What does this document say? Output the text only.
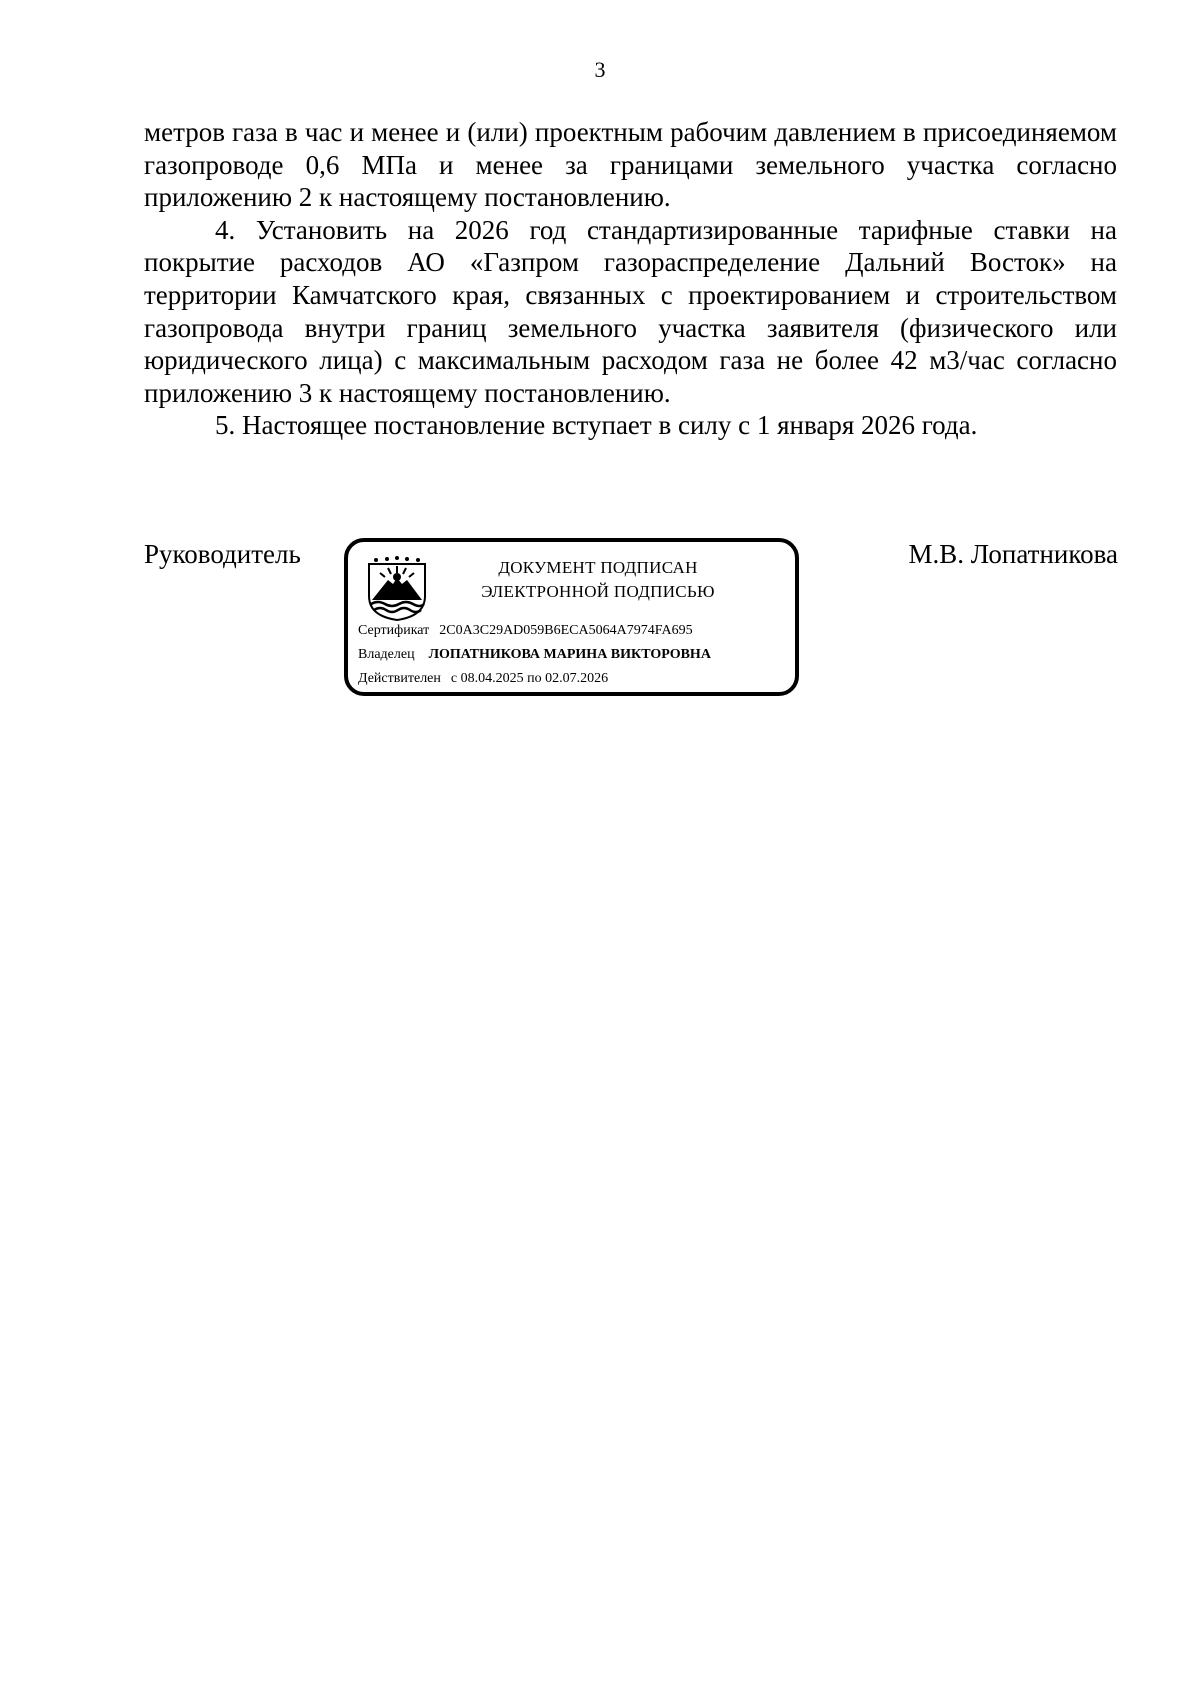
3

метров газа в час и менее и (или) проектным рабочим давлением в присоединяемом газопроводе 0,6 МПа и менее за границами земельного участка согласно приложению 2 к настоящему постановлению.

4. Установить на 2026 год стандартизированные тарифные ставки на покрытие расходов АО «Газпром газораспределение Дальний Восток» на территории Камчатского края, связанных с проектированием и строительством газопровода внутри границ земельного участка заявителя (физического или юридического лица) с максимальным расходом газа не более 42 м3/час согласно приложению 3 к настоящему постановлению.

5. Настоящее постановление вступает в силу с 1 января 2026 года.

Руководитель	ДОКУМЕНТ ПОДПИСАН
ЭЛЕКТРОННОЙ ПОДПИСЬЮ
Сертификат 2C0A3C29AD059B6ECA5064A7974FA695
Владелец ЛОПАТНИКОВА МАРИНА ВИКТОРОВНА
Действителен с 08.04.2025 по 02.07.2026
М.В. Лопатникова
